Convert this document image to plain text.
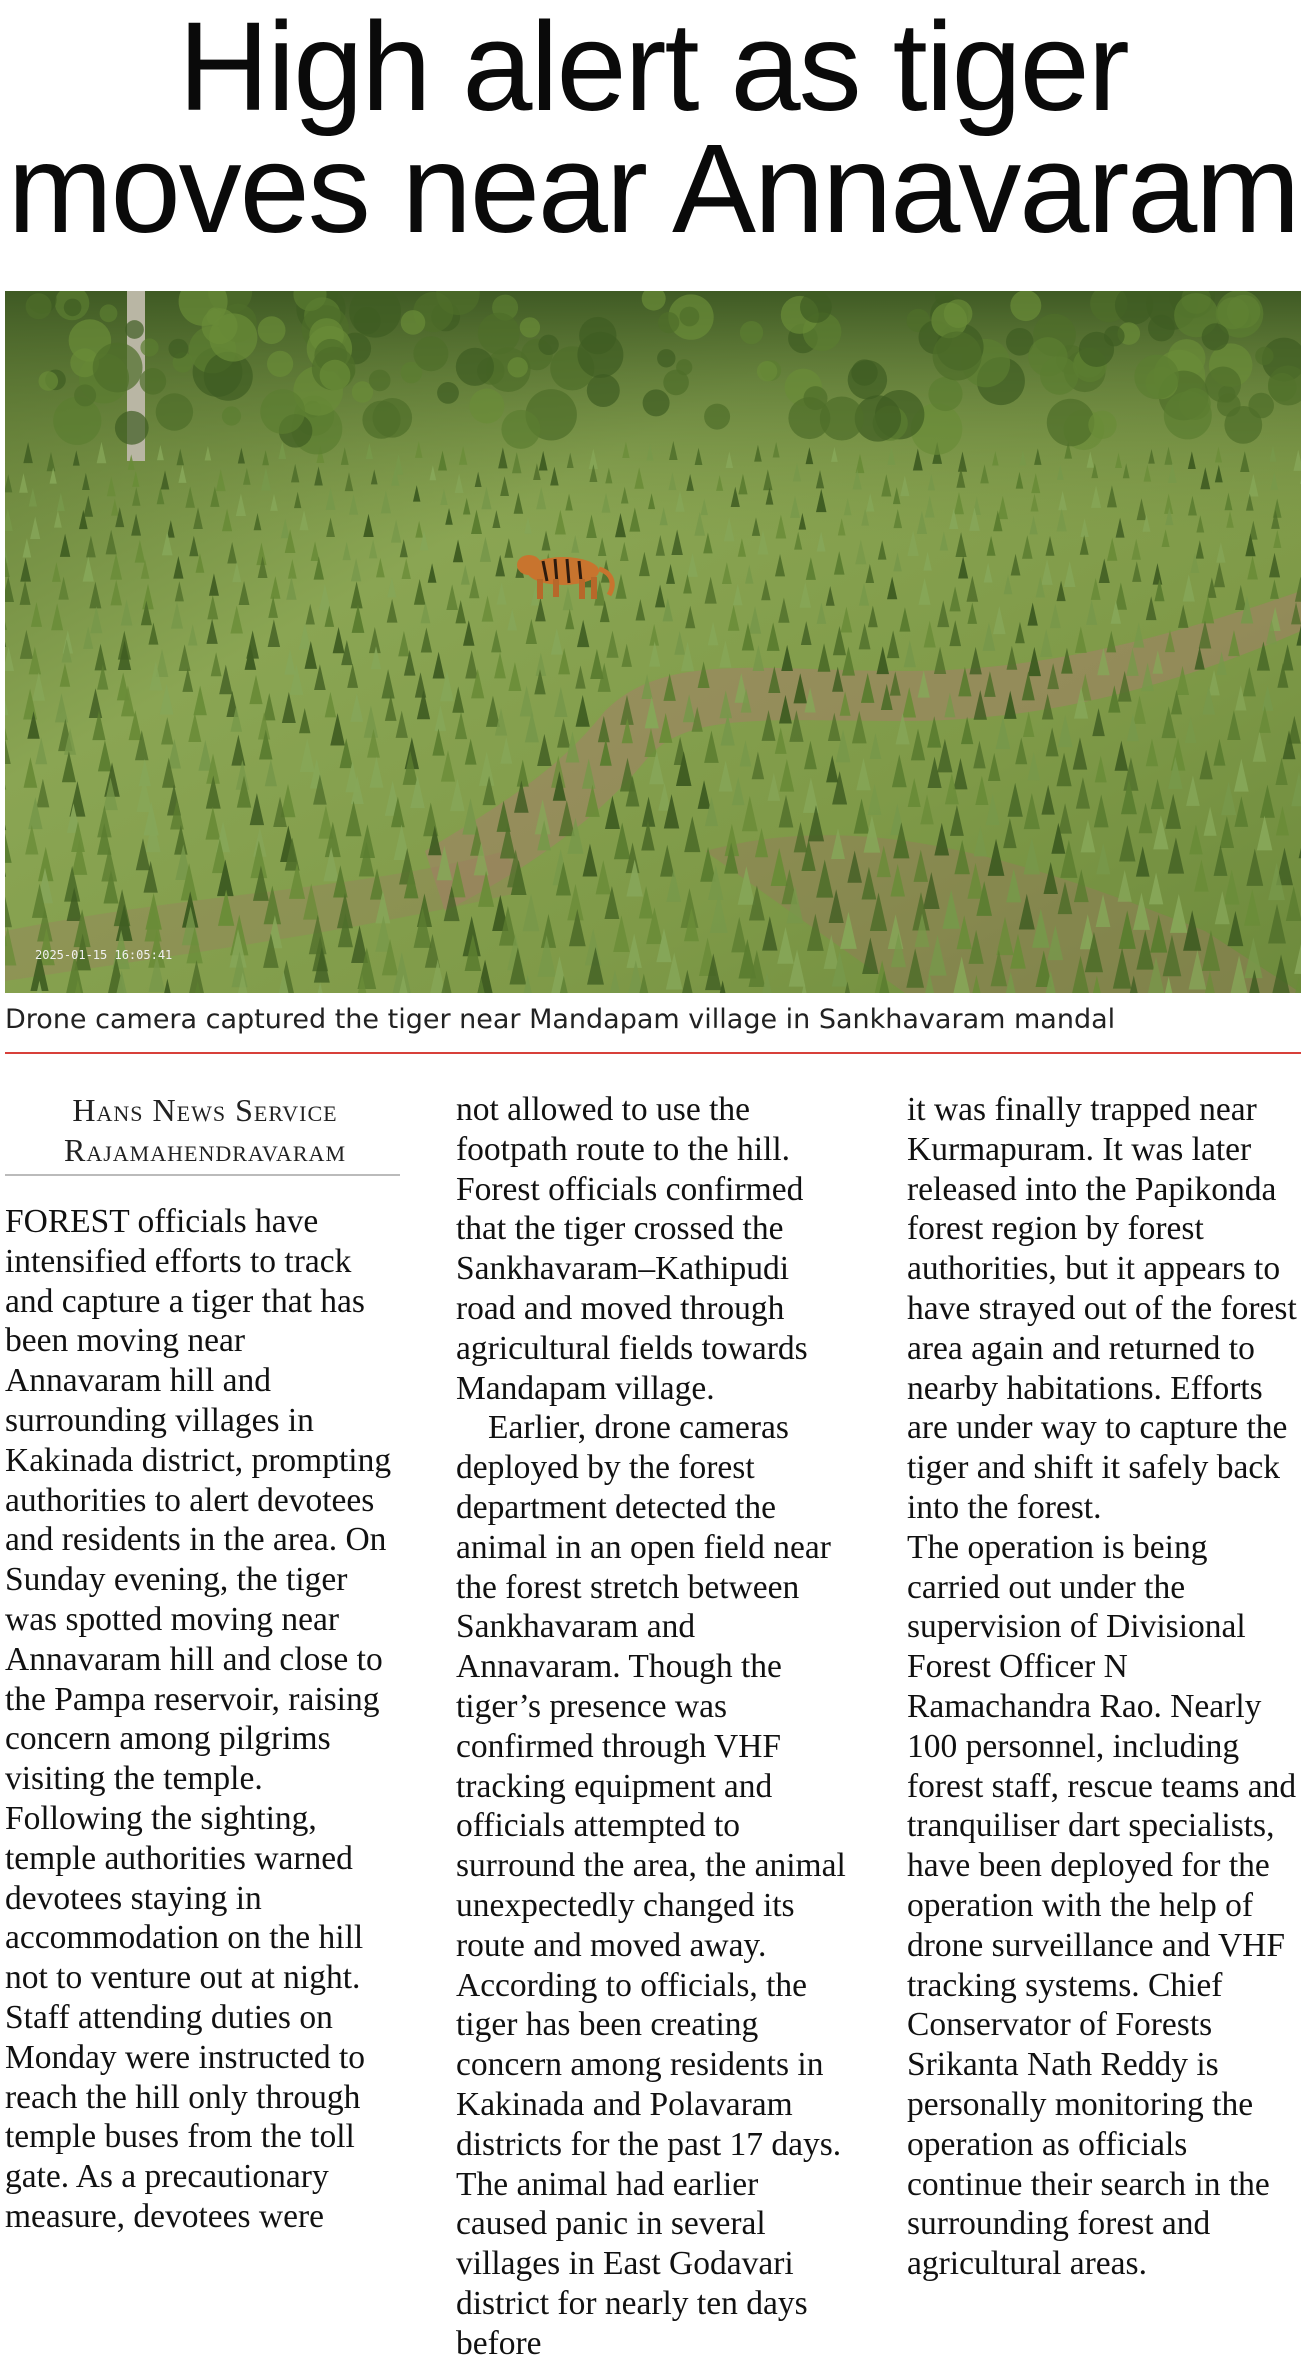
High alert as tiger
moves near Annavaram
2025-01-15 16:05:41
Drone camera captured the tiger near Mandapam village in Sankhavaram mandal
Hans News Service
Rajamahendravaram

FOREST officials have intensified efforts to track and capture a tiger that has been moving near Annavaram hill and surrounding villages in Kakinada district, prompting authorities to alert devotees and residents in the area. On Sunday evening, the tiger was spotted moving near Annavaram hill and close to the Pampa reservoir, raising concern among pilgrims visiting the temple. Following the sighting, temple authorities warned devotees staying in accommodation on the hill not to venture out at night. Staff attending duties on Monday were instructed to reach the hill only through temple buses from the toll gate. As a precautionary measure, devotees were

not allowed to use the footpath route to the hill. Forest officials confirmed that the tiger crossed the Sankhavaram–Kathipudi road and moved through agricultural fields towards Mandapam village.

Earlier, drone cameras deployed by the forest department detected the animal in an open field near the forest stretch between Sankhavaram and Annavaram. Though the tiger’s presence was confirmed through VHF tracking equipment and officials attempted to surround the area, the animal unexpectedly changed its route and moved away. According to officials, the tiger has been creating concern among residents in Kakinada and Polavaram districts for the past 17 days. The animal had earlier caused panic in several villages in East Godavari district for nearly ten days before

it was finally trapped near Kurmapuram. It was later released into the Papikonda forest region by forest authorities, but it appears to have strayed out of the forest area again and returned to nearby habitations. Efforts are under way to capture the tiger and shift it safely back into the forest.

The operation is being carried out under the supervision of Divisional Forest Officer N Ramachandra Rao. Nearly 100 personnel, including forest staff, rescue teams and tranquiliser dart specialists, have been deployed for the operation with the help of drone surveillance and VHF tracking systems. Chief Conservator of Forests Srikanta Nath Reddy is personally monitoring the operation as officials continue their search in the surrounding forest and agricultural areas.
